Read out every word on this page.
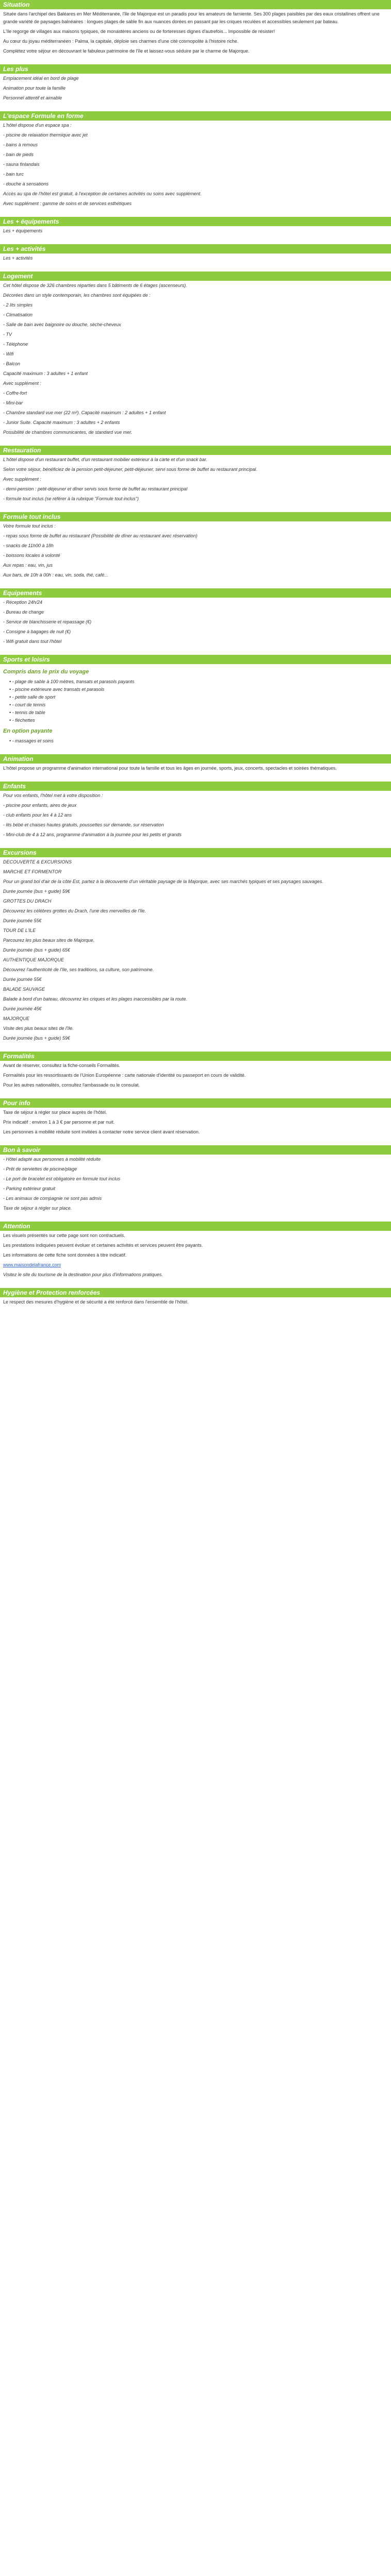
Situation

Située dans l'archipel des Baléares en Mer Méditerranée, l'île de Majorque est un paradis pour les amateurs de farniente. Ses 300 plages paisibles par des eaux cristallines offrent une grande variété de paysages balnéaires : longues plages de sable fin aux nuances dorées en passant par les criques reculées et accessibles seulement par bateau.

L'île regorge de villages aux maisons typiques, de monastères anciens ou de forteresses dignes d'autrefois... Impossible de résister!

Au cœur du joyau méditerranéen : Palma, la capitale, déploie ses charmes d'une cité cosmopolite à l'histoire riche.

Complétez votre séjour en découvrant le fabuleux patrimoine de l'île et laissez-vous séduire par le charme de Majorque.

Les plus

Emplacement idéal en bord de plage

Animation pour toute la famille

Personnel attentif et aimable

L'espace Formule en forme

L'hôtel dispose d'un espace spa :

- piscine de relaxation thermique avec jet

- bains à remous

- bain de pieds

- sauna finlandais

- bain turc

- douche à sensations

Accès au spa de l'hôtel est gratuit, à l'exception de certaines activités ou soins avec supplément.

Avec supplément : gamme de soins et de services esthétiques

Les + équipements

Les + équipements

Les + activités

Les + activités

Logement

Cet hôtel dispose de 326 chambres réparties dans 5 bâtiments de 6 étages (ascenseurs).

Décorées dans un style contemporain, les chambres sont équipées de :

- 2 lits simples

- Climatisation

- Salle de bain avec baignoire ou douche, sèche-cheveux

- TV

- Téléphone

- Wifi

- Balcon

Capacité maximum : 3 adultes + 1 enfant

Avec supplément :

- Coffre-fort

- Mini-bar

- Chambre standard vue mer (22 m²). Capacité maximum : 2 adultes + 1 enfant

- Junior Suite. Capacité maximum : 3 adultes + 2 enfants

Possibilité de chambres communicantes, de standard vue mer.

Restauration

L'hôtel dispose d'un restaurant buffet, d'un restaurant mobilier extérieur à la carte et d'un snack bar.

Selon votre séjour, bénéficiez de la pension petit-déjeuner, petit-déjeuner, servi sous forme de buffet au restaurant principal.

Avec supplément :

- demi-pension : petit-déjeuner et dîner servis sous forme de buffet au restaurant principal

- formule tout inclus (se référer à la rubrique "Formule tout inclus")

Formule tout inclus

Votre formule tout inclus :

- repas sous forme de buffet au restaurant (Possibilité de dîner au restaurant avec réservation)

- snacks de 11h00 à 18h

- boissons locales à volonté

Aux repas : eau, vin, jus

Aux bars, de 10h à 00h : eau, vin, soda, thé, café...

Equipements

- Réception 24h/24

- Bureau de change

- Service de blanchisserie et repassage (€)

- Consigne à bagages de nuit (€)

- Wifi gratuit dans tout l'hôtel

Sports et loisirs
Compris dans le prix du voyage
• - plage de sable à 100 mètres, transats et parasols payants
• - piscine extérieure avec transats et parasols
• - petite salle de sport
• - court de tennis
• - tennis de table
• - fléchettes
En option payante
• - massages et soins
Animation

L'hôtel propose un programme d'animation international pour toute la famille et tous les âges en journée, sports, jeux, concerts, spectacles et soirées thématiques.

Enfants

Pour vos enfants, l'hôtel met à votre disposition :

- piscine pour enfants, aires de jeux

- club enfants pour les 4 à 12 ans

- lits bébé et chaises hautes gratuits, poussettes sur demande, sur réservation

- Mini-club de 4 à 12 ans, programme d'animation à la journée pour les petits et grands

Excursions

DECOUVERTE & EXCURSIONS

MARCHE ET FORMENTOR

Pour un grand bol d'air de la côte Est, partez à la découverte d'un véritable paysage de la Majorque, avec ses marchés typiques et ses paysages sauvages.

Durée journée (bus + guide) 59€

GROTTES DU DRACH

Découvrez les célèbres grottes du Drach, l'une des merveilles de l'île.

Durée journée 55€

TOUR DE L'ILE

Parcourez les plus beaux sites de Majorque.

Durée journée (bus + guide) 65€

AUTHENTIQUE MAJORQUE

Découvrez l'authenticité de l'île, ses traditions, sa culture, son patrimoine.

Durée journée 55€

BALADE SAUVAGE

Balade à bord d'un bateau, découvrez les criques et les plages inaccessibles par la route.

Durée journée 45€

MAJORQUE

Visite des plus beaux sites de l'île.

Durée journée (bus + guide) 59€

Formalités

Avant de réserver, consultez la fiche-conseils Formalités.

Formalités pour les ressortissants de l'Union Européenne : carte nationale d'identité ou passeport en cours de validité.

Pour les autres nationalités, consultez l'ambassade ou le consulat.

Pour info

Taxe de séjour à régler sur place auprès de l'hôtel.

Prix indicatif : environ 1 à 3 € par personne et par nuit.

Les personnes à mobilité réduite sont invitées à contacter notre service client avant réservation.

Bon à savoir

- Hôtel adapté aux personnes à mobilité réduite

- Prêt de serviettes de piscine/plage

- Le port de bracelet est obligatoire en formule tout inclus

- Parking extérieur gratuit

- Les animaux de compagnie ne sont pas admis

Taxe de séjour à régler sur place.

Attention

Les visuels présentés sur cette page sont non contractuels.

Les prestations indiquées peuvent évoluer et certaines activités et services peuvent être payants.

Les informations de cette fiche sont données à titre indicatif.

www.maisondelafrance.com

Visitez le site du tourisme de la destination pour plus d'informations pratiques.

Hygiène et Protection renforcées

Le respect des mesures d'hygiène et de sécurité a été renforcé dans l'ensemble de l'hôtel.
